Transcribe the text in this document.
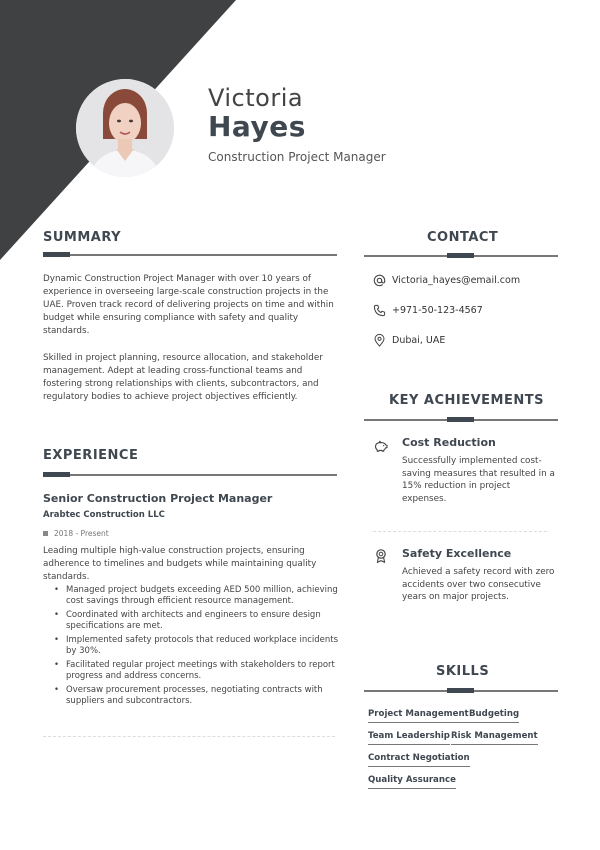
Victoria
Hayes
Construction Project Manager
SUMMARY
Dynamic Construction Project Manager with over 10 years of experience in overseeing large-scale construction projects in the UAE. Proven track record of delivering projects on time and within budget while ensuring compliance with safety and quality standards.
Skilled in project planning, resource allocation, and stakeholder management. Adept at leading cross-functional teams and fostering strong relationships with clients, subcontractors, and regulatory bodies to achieve project objectives efficiently.
EXPERIENCE
Senior Construction Project Manager
Arabtec Construction LLC
2018 - Present
Leading multiple high-value construction projects, ensuring adherence to timelines and budgets while maintaining quality standards.
• Managed project budgets exceeding AED 500 million, achieving cost savings through efficient resource management.
• Coordinated with architects and engineers to ensure design specifications are met.
• Implemented safety protocols that reduced workplace incidents by 30%.
• Facilitated regular project meetings with stakeholders to report progress and address concerns.
• Oversaw procurement processes, negotiating contracts with suppliers and subcontractors.
CONTACT
Victoria_hayes@email.com
+971-50-123-4567
Dubai, UAE
KEY ACHIEVEMENTS
Cost Reduction
Successfully implemented cost-saving measures that resulted in a 15% reduction in project expenses.
Safety Excellence
Achieved a safety record with zero accidents over two consecutive years on major projects.
SKILLS
Project Management Budgeting
Team Leadership Risk Management
Contract Negotiation
Quality Assurance
